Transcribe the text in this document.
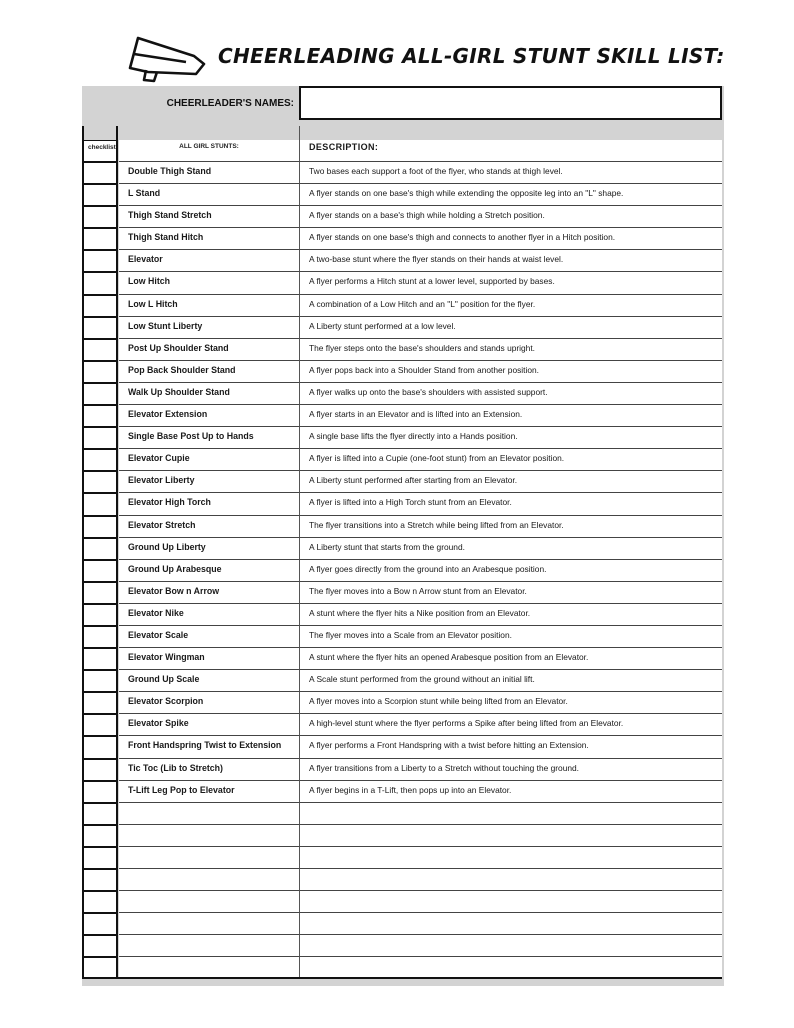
CHEERLEADING ALL-GIRL STUNT SKILL LIST:
CHEERLEADER'S NAMES:
checklist	ALL GIRL STUNTS:	DESCRIPTION:
Double Thigh Stand	Two bases each support a foot of the flyer, who stands at thigh level.
L Stand	A flyer stands on one base's thigh while extending the opposite leg into an "L" shape.
Thigh Stand Stretch	A flyer stands on a base's thigh while holding a Stretch position.
Thigh Stand Hitch	A flyer stands on one base's thigh and connects to another flyer in a Hitch position.
Elevator	A two-base stunt where the flyer stands on their hands at waist level.
Low Hitch	A flyer performs a Hitch stunt at a lower level, supported by bases.
Low L Hitch	A combination of a Low Hitch and an "L" position for the flyer.
Low Stunt Liberty	A Liberty stunt performed at a low level.
Post Up Shoulder Stand	The flyer steps onto the base's shoulders and stands upright.
Pop Back Shoulder Stand	A flyer pops back into a Shoulder Stand from another position.
Walk Up Shoulder Stand	A flyer walks up onto the base's shoulders with assisted support.
Elevator Extension	A flyer starts in an Elevator and is lifted into an Extension.
Single Base Post Up to Hands	A single base lifts the flyer directly into a Hands position.
Elevator Cupie	A flyer is lifted into a Cupie (one-foot stunt) from an Elevator position.
Elevator Liberty	A Liberty stunt performed after starting from an Elevator.
Elevator High Torch	A flyer is lifted into a High Torch stunt from an Elevator.
Elevator Stretch	The flyer transitions into a Stretch while being lifted from an Elevator.
Ground Up Liberty	A Liberty stunt that starts from the ground.
Ground Up Arabesque	A flyer goes directly from the ground into an Arabesque position.
Elevator Bow n Arrow	The flyer moves into a Bow n Arrow stunt from an Elevator.
Elevator Nike	A stunt where the flyer hits a Nike position from an Elevator.
Elevator Scale	The flyer moves into a Scale from an Elevator position.
Elevator Wingman	A stunt where the flyer hits an opened Arabesque position from an Elevator.
Ground Up Scale	A Scale stunt performed from the ground without an initial lift.
Elevator Scorpion	A flyer moves into a Scorpion stunt while being lifted from an Elevator.
Elevator Spike	A high-level stunt where the flyer performs a Spike after being lifted from an Elevator.
Front Handspring Twist to Extension	A flyer performs a Front Handspring with a twist before hitting an Extension.
Tic Toc (Lib to Stretch)	A flyer transitions from a Liberty to a Stretch without touching the ground.
T-Lift Leg Pop to Elevator	A flyer begins in a T-Lift, then pops up into an Elevator.
